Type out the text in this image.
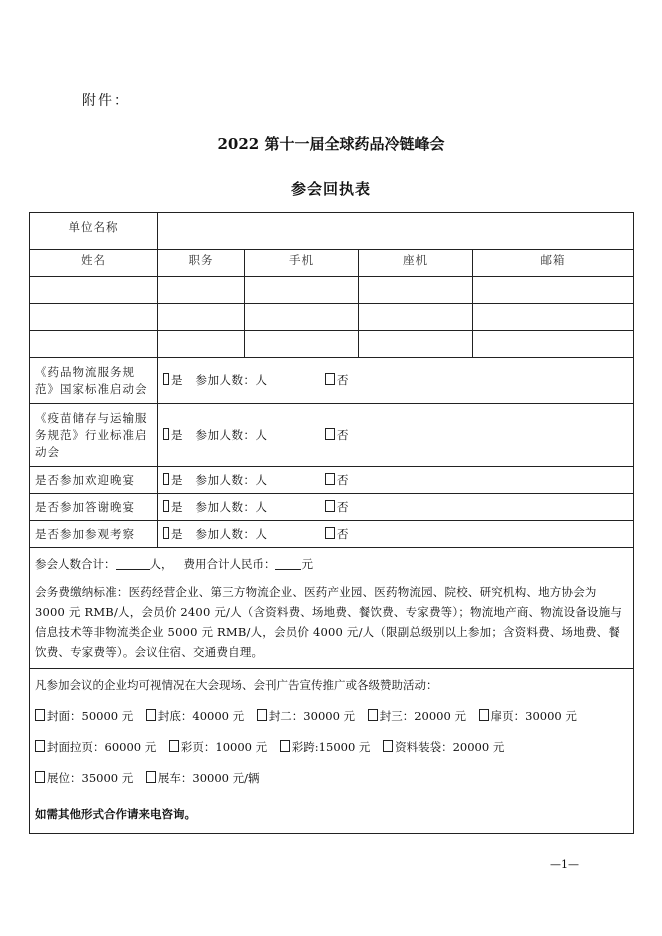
附件：
2022 第十一届全球药品冷链峰会
参会回执表
单位名称				
姓名	职务	手机	座机	邮箱

《药品物流服务规范》国家标准启动会	是 参加人数：人 否			
《疫苗储存与运输服务规范》行业标准启动会	是 参加人数：人 否			
是否参加欢迎晚宴	是 参加人数：人 否			
是否参加答谢晚宴	是 参加人数：人 否			
是否参加参观考察	是 参加人数：人 否			

参会人数合计： 人， 费用合计人民币： 元

会务费缴纳标准：医药经营企业、第三方物流企业、医药产业园、医药物流园、院校、研究机构、地方协会为 3000 元 RMB/人，会员价 2400 元/人（含资料费、场地费、餐饮费、专家费等）；物流地产商、物流设备设施与信息技术等非物流类企业 5000 元 RMB/人，会员价 4000 元/人（限副总级别以上参加；含资料费、场地费、餐饮费、专家费等）。会议住宿、交通费自理。				

凡参加会议的企业均可视情况在大会现场、会刊广告宣传推广或各级赞助活动：

封面：50000 元 封底：40000 元 封二：30000 元 封三：20000 元 扉页：30000 元

封面拉页：60000 元 彩页：10000 元 彩跨:15000 元 资料装袋：20000 元

展位：35000 元 展车：30000 元/辆

如需其他形式合作请来电咨询。				

—1—
